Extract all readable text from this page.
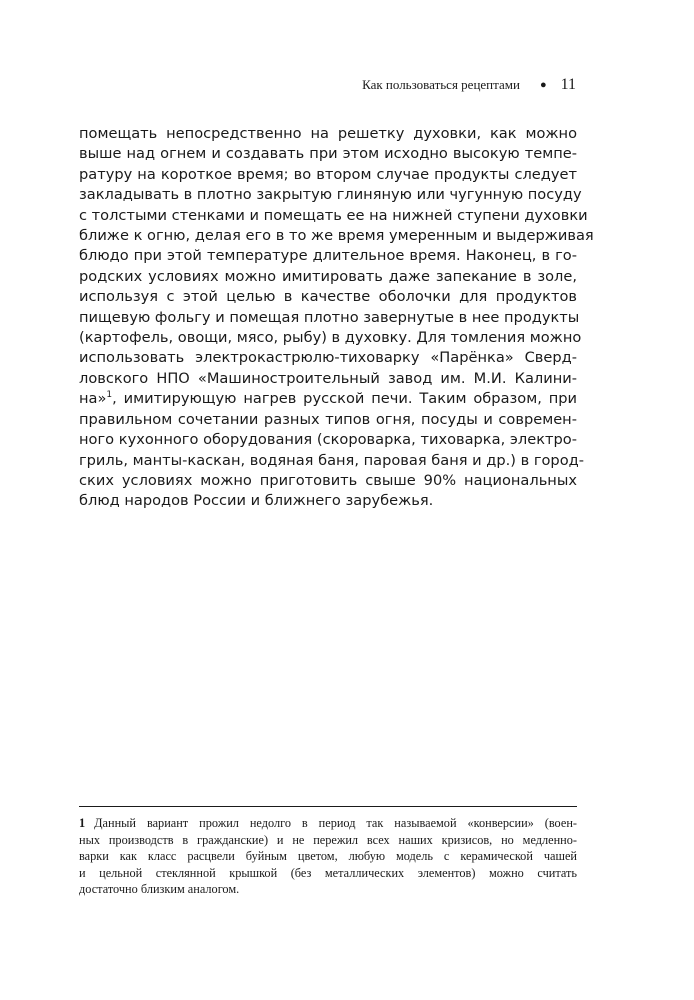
Как пользоваться рецептами ● 11

помещать непосредственно на решетку духовки, как можно
выше над огнем и создавать при этом исходно высокую темпе-
ратуру на короткое время; во втором случае продукты следует
закладывать в плотно закрытую глиняную или чугунную посуду
с толстыми стенками и помещать ее на нижней ступени духовки
ближе к огню, делая его в то же время умеренным и выдерживая
блюдо при этой температуре длительное время. Наконец, в го-
родских условиях можно имитировать даже запекание в золе,
используя с этой целью в качестве оболочки для продуктов
пищевую фольгу и помещая плотно завернутые в нее продукты
(картофель, овощи, мясо, рыбу) в духовку. Для томления можно
использовать электрокастрюлю-тиховарку «Парёнка» Сверд-
ловского НПО «Машиностроительный завод им. М.И. Калини-
на»$^1$, имитирующую нагрев русской печи. Таким образом, при
правильном сочетании разных типов огня, посуды и современ-
ного кухонного оборудования (скороварка, тиховарка, электро-
гриль, манты-каскан, водяная баня, паровая баня и др.) в город-
ских условиях можно приготовить свыше 90% национальных
блюд народов России и ближнего зарубежья.

1 Данный вариант прожил недолго в период так называемой «конверсии» (воен-
ных производств в гражданские) и не пережил всех наших кризисов, но медленно-
варки как класс расцвели буйным цветом, любую модель с керамической чашей
и цельной стеклянной крышкой (без металлических элементов) можно считать
достаточно близким аналогом.
